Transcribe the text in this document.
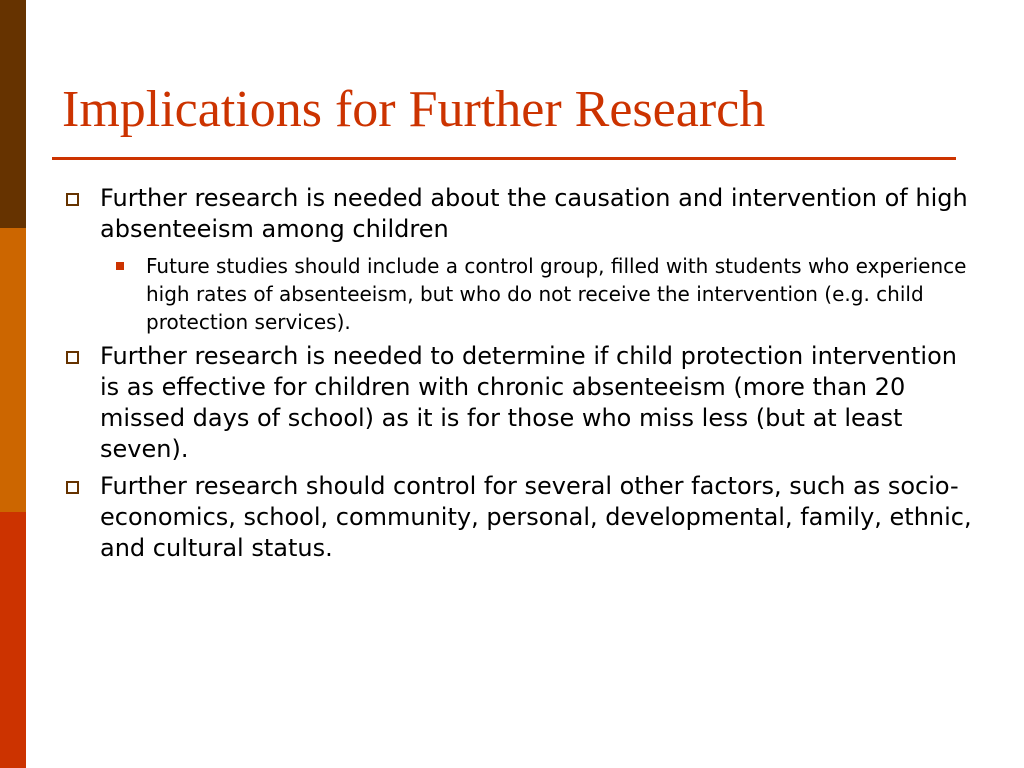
Implications for Further Research
Further research is needed about the causation and intervention of high absenteeism among children
Future studies should include a control group, filled with students who experience high rates of absenteeism, but who do not receive the intervention (e.g. child protection services).
Further research is needed to determine if child protection intervention is as effective for children with chronic absenteeism (more than 20 missed days of school) as it is for those who miss less (but at least seven).
Further research should control for several other factors, such as socio-economics, school, community, personal, developmental, family, ethnic, and cultural status.
